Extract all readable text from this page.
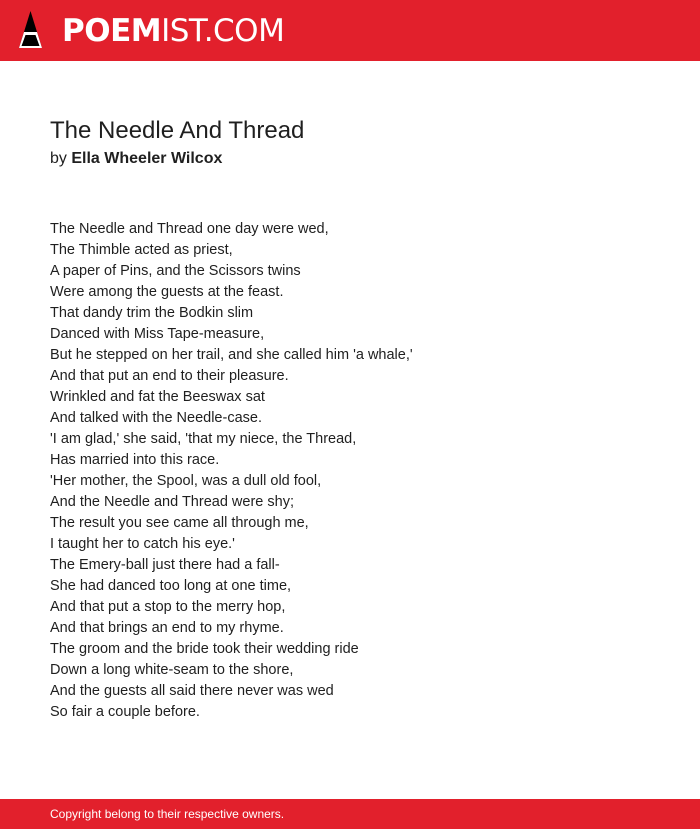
POEMIST.COM
The Needle And Thread
by Ella Wheeler Wilcox
The Needle and Thread one day were wed,
The Thimble acted as priest,
A paper of Pins, and the Scissors twins
Were among the guests at the feast.
That dandy trim the Bodkin slim
Danced with Miss Tape-measure,
But he stepped on her trail, and she called him 'a whale,'
And that put an end to their pleasure.
Wrinkled and fat the Beeswax sat
And talked with the Needle-case.
'I am glad,' she said, 'that my niece, the Thread,
Has married into this race.
'Her mother, the Spool, was a dull old fool,
And the Needle and Thread were shy;
The result you see came all through me,
I taught her to catch his eye.'
The Emery-ball just there had a fall-
She had danced too long at one time,
And that put a stop to the merry hop,
And that brings an end to my rhyme.
The groom and the bride took their wedding ride
Down a long white-seam to the shore,
And the guests all said there never was wed
So fair a couple before.
Copyright belong to their respective owners.
